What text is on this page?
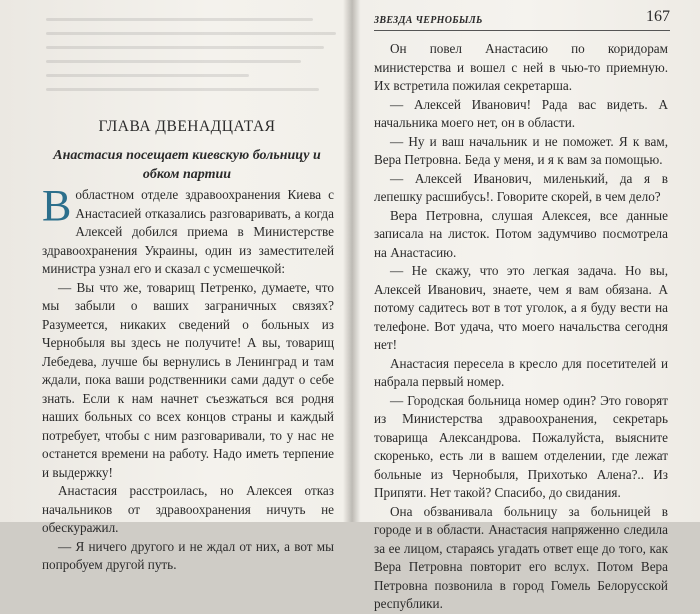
ГЛАВА ДВЕНАДЦАТАЯ
Анастасия посещает киевскую больницу и обком партии

Вобластном отделе здравоохранения Киева с Анастасией отказались разговаривать, а когда Алексей добился приема в Министерстве здравоохранения Украины, один из заместителей министра узнал его и сказал с усмешечкой:

— Вы что же, товарищ Петренко, думаете, что мы забыли о ваших заграничных связях? Разумеется, никаких сведений о больных из Чернобыля вы здесь не получите! А вы, товарищ Лебедева, лучше бы вернулись в Ленинград и там ждали, пока ваши родственники сами дадут о себе знать. Если к нам начнет съезжаться вся родня наших больных со всех концов страны и каждый потребует, чтобы с ним разговаривали, то у нас не останется времени на работу. Надо иметь терпение и выдержку!

Анастасия расстроилась, но Алексея отказ начальников от здравоохранения ничуть не обескуражил.

— Я ничего другого и не ждал от них, а вот мы попробуем другой путь.

ЗВЕЗДА ЧЕРНОБЫЛЬ	167

Он повел Анастасию по коридорам министерства и вошел с ней в чью-то приемную. Их встретила пожилая секретарша.

— Алексей Иванович! Рада вас видеть. А начальника моего нет, он в области.

— Ну и ваш начальник и не поможет. Я к вам, Вера Петровна. Беда у меня, и я к вам за помощью.

— Алексей Иванович, миленький, да я в лепешку расшибусь!. Говорите скорей, в чем дело?

Вера Петровна, слушая Алексея, все данные записала на листок. Потом задумчиво посмотрела на Анастасию.

— Не скажу, что это легкая задача. Но вы, Алексей Иванович, знаете, чем я вам обязана. А потому садитесь вот в тот уголок, а я буду вести на телефоне. Вот удача, что моего начальства сегодня нет!

Анастасия пересела в кресло для посетителей и набрала первый номер.

— Городская больница номер один? Это говорят из Министерства здравоохранения, секретарь товарища Александрова. Пожалуйста, выясните скоренько, есть ли в вашем отделении, где лежат больные из Чернобыля, Прихотько Алена?.. Из Припяти. Нет такой? Спасибо, до свидания.

Она обзванивала больницу за больницей в городе и в области. Анастасия напряженно следила за ее лицом, стараясь угадать ответ еще до того, как Вера Петровна повторит его вслух. Потом Вера Петровна позвонила в город Гомель Белорусской республики.
